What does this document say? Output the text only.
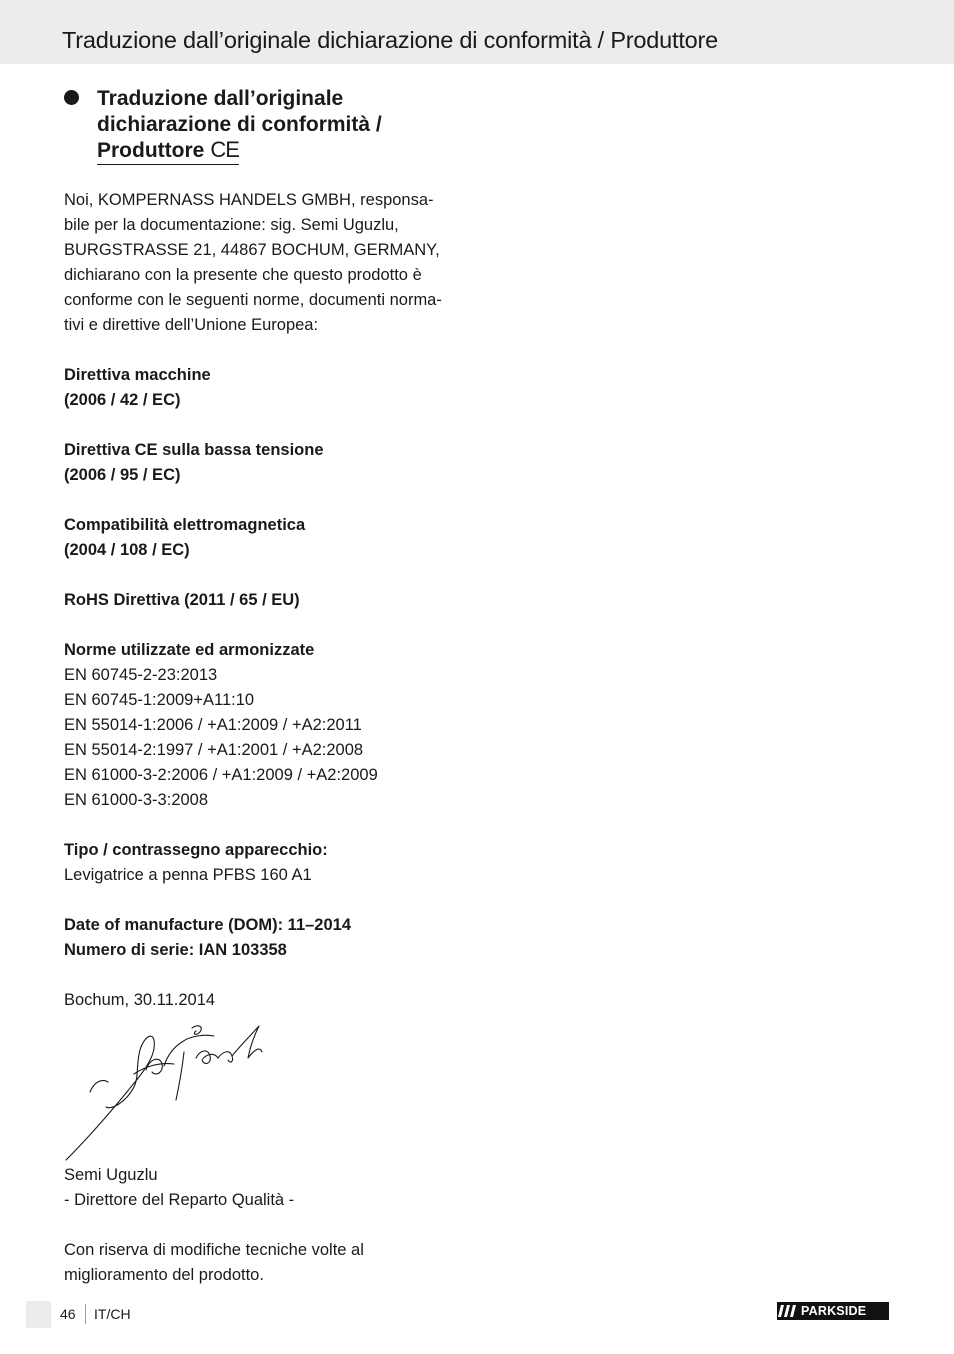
Traduzione dall’originale dichiarazione di conformità / Produttore
Traduzione dall’originale
dichiarazione di conformità /
Produttore CE

Noi, KOMPERNASS HANDELS GMBH, responsa-
bile per la documentazione: sig. Semi Uguzlu,
BURGSTRASSE 21, 44867 BOCHUM, GERMANY,
dichiarano con la presente che questo prodotto è
conforme con le seguenti norme, documenti norma-
tivi e direttive dell’Unione Europea:

Direttiva macchine
(2006 / 42 / EC)

Direttiva CE sulla bassa tensione
(2006 / 95 / EC)

Compatibilità elettromagnetica
(2004 / 108 / EC)

RoHS Direttiva (2011 / 65 / EU)

Norme utilizzate ed armonizzate
EN 60745-2-23:2013
EN 60745-1:2009+A11:10
EN 55014-1:2006 / +A1:2009 / +A2:2011
EN 55014-2:1997 / +A1:2001 / +A2:2008
EN 61000-3-2:2006 / +A1:2009 / +A2:2009
EN 61000-3-3:2008

Tipo / contrassegno apparecchio:
Levigatrice a penna PFBS 160 A1

Date of manufacture (DOM): 11–2014
Numero di serie: IAN 103358

Bochum, 30.11.2014

Semi Uguzlu
- Direttore del Reparto Qualità -

Con riserva di modifiche tecniche volte al
miglioramento del prodotto.

46 IT/CH	PARKSIDE
